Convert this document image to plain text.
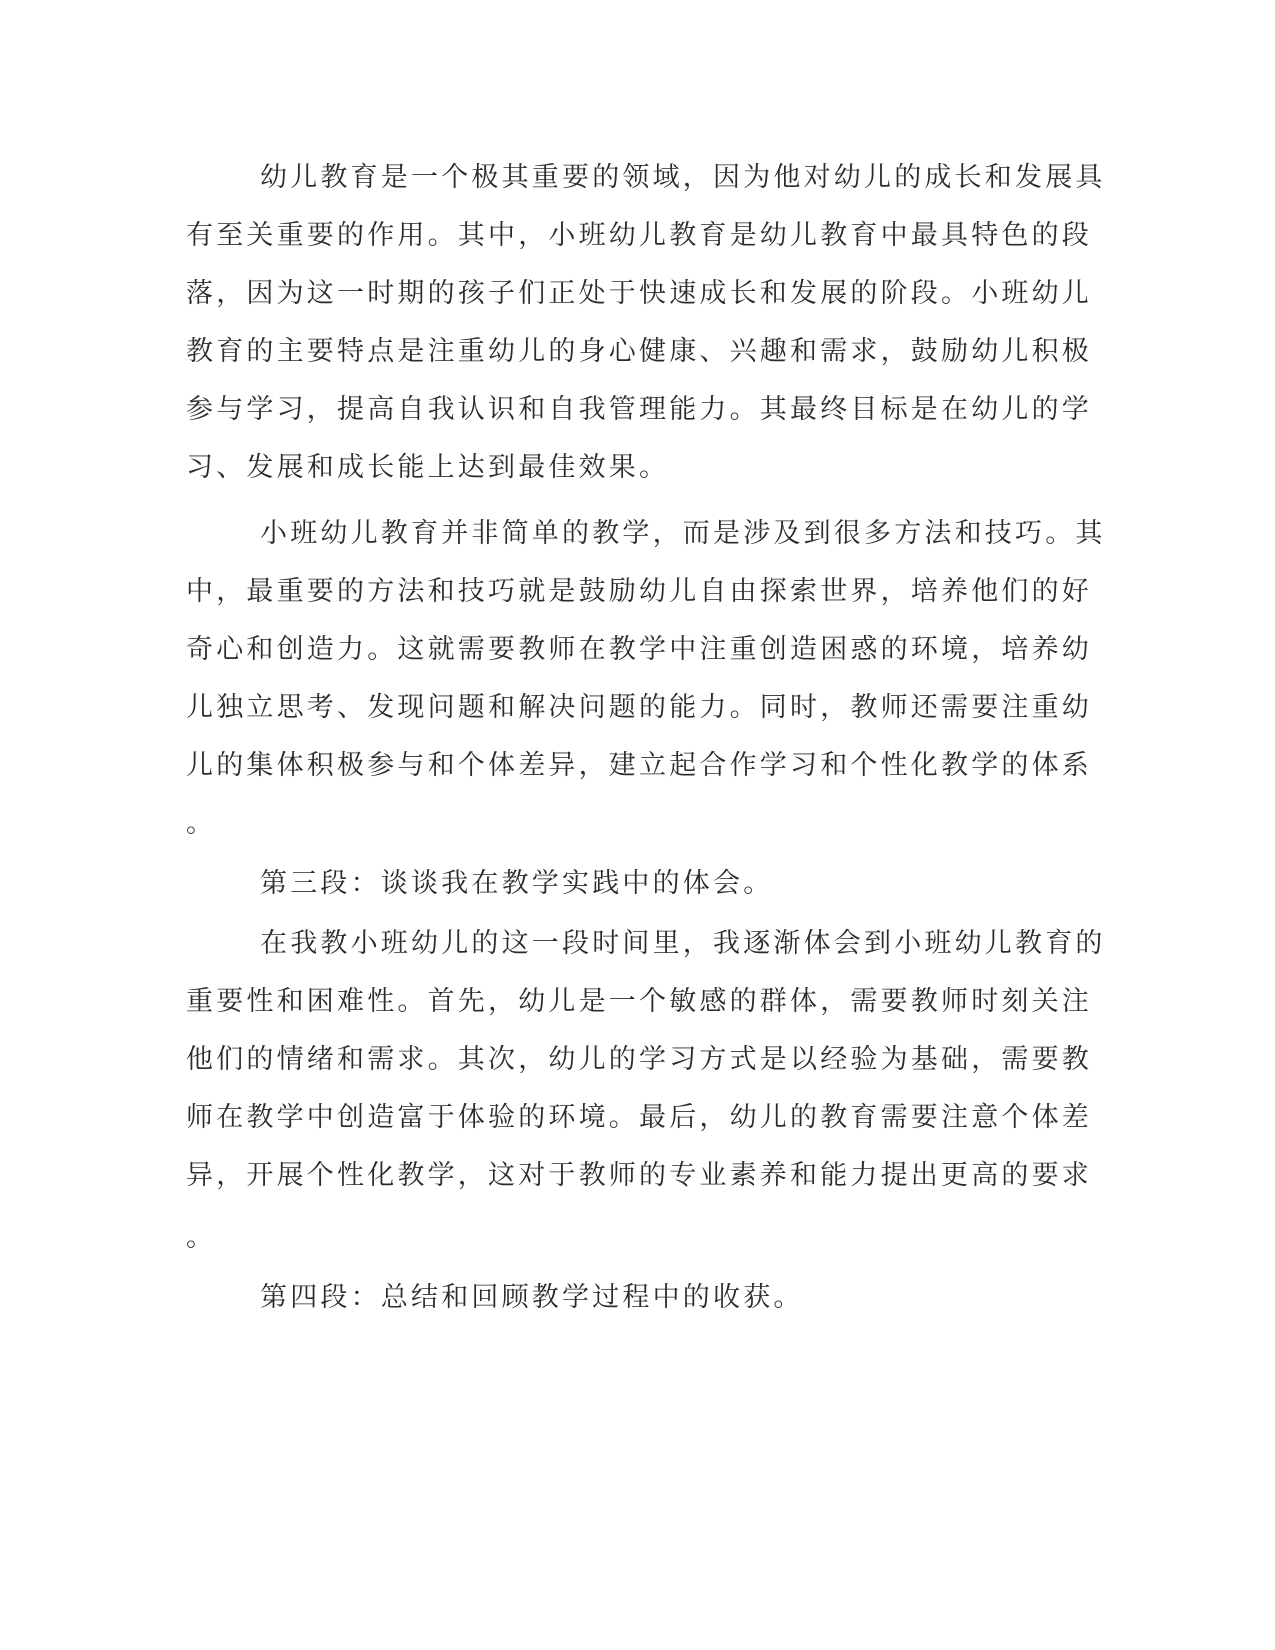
幼儿教育是一个极其重要的领域，因为他对幼儿的成长和发展具
有至关重要的作用。其中，小班幼儿教育是幼儿教育中最具特色的段
落，因为这一时期的孩子们正处于快速成长和发展的阶段。小班幼儿
教育的主要特点是注重幼儿的身心健康、兴趣和需求，鼓励幼儿积极
参与学习，提高自我认识和自我管理能力。其最终目标是在幼儿的学
习、发展和成长能上达到最佳效果。
小班幼儿教育并非简单的教学，而是涉及到很多方法和技巧。其
中，最重要的方法和技巧就是鼓励幼儿自由探索世界，培养他们的好
奇心和创造力。这就需要教师在教学中注重创造困惑的环境，培养幼
儿独立思考、发现问题和解决问题的能力。同时，教师还需要注重幼
儿的集体积极参与和个体差异，建立起合作学习和个性化教学的体系
。
第三段：谈谈我在教学实践中的体会。
在我教小班幼儿的这一段时间里，我逐渐体会到小班幼儿教育的
重要性和困难性。首先，幼儿是一个敏感的群体，需要教师时刻关注
他们的情绪和需求。其次，幼儿的学习方式是以经验为基础，需要教
师在教学中创造富于体验的环境。最后，幼儿的教育需要注意个体差
异，开展个性化教学，这对于教师的专业素养和能力提出更高的要求
。
第四段：总结和回顾教学过程中的收获。
